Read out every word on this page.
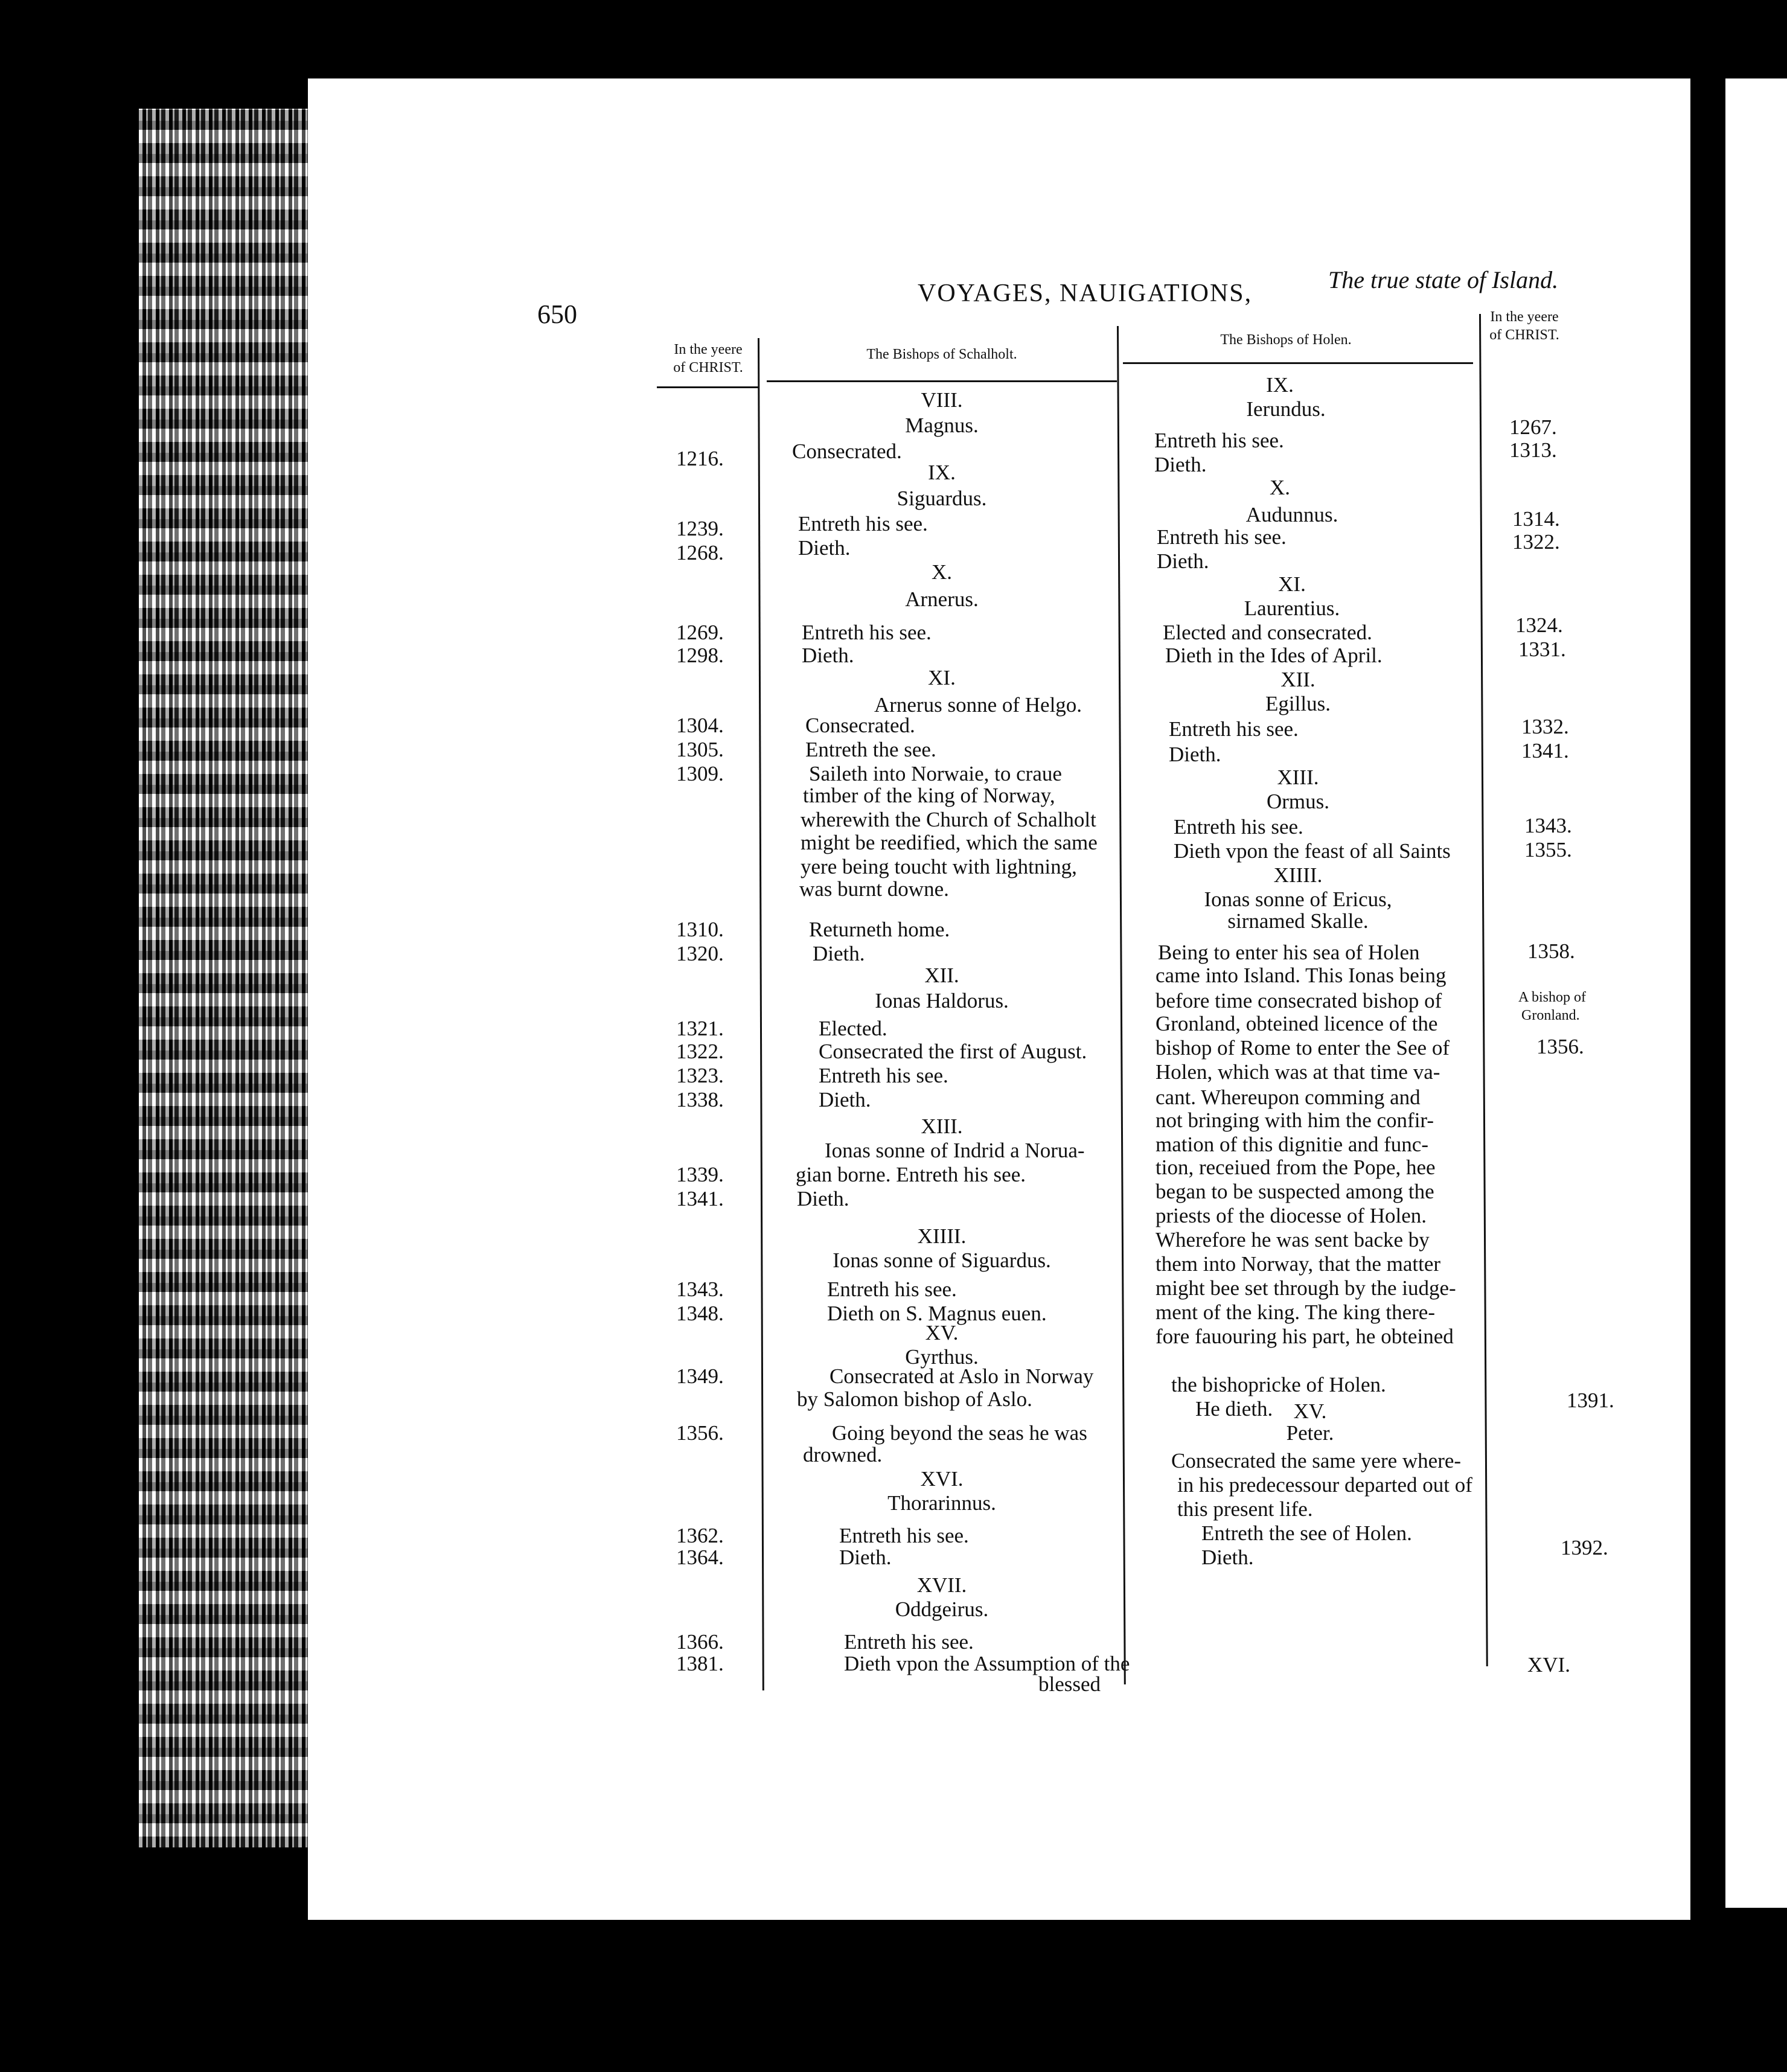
650
VOYAGES, NAUIGATIONS,	The true state of Island.
In the yeere
of CHRIST.
The Bishops of Schalholt.
The Bishops of Holen.
In the yeere
of CHRIST.
1216.
1239.
1268.
1269.
1298.
1304.
1305.
1309.
1310.
1320.
1321.
1322.
1323.
1338.
1339.
1341.
1343.
1348.
1349.
1356.
1362.
1364.
1366.
1381.
VIII.
Magnus.
Consecrated.
IX.
Siguardus.
Entreth his see.
Dieth.
X.
Arnerus.
Entreth his see.
Dieth.
XI.
Arnerus sonne of Helgo.
Consecrated.
Entreth the see.
Saileth into Norwaie, to craue
timber of the king of Norway,
wherewith the Church of Schalholt
might be reedified, which the same
yere being toucht with lightning,
was burnt downe.
Returneth home.
Dieth.
XII.
Ionas Haldorus.
Elected.
Consecrated the first of August.
Entreth his see.
Dieth.
XIII.
Ionas sonne of Indrid a Norua-
gian borne. Entreth his see.
Dieth.
XIIII.
Ionas sonne of Siguardus.
Entreth his see.
Dieth on S. Magnus euen.
XV.
Gyrthus.
Consecrated at Aslo in Norway
by Salomon bishop of Aslo.
Going beyond the seas he was
drowned.
XVI.
Thorarinnus.
Entreth his see.
Dieth.
XVII.
Oddgeirus.
Entreth his see.
Dieth vpon the Assumption of the
blessed
IX.
Ierundus.
Entreth his see.
Dieth.
X.
Audunnus.
Entreth his see.
Dieth.
XI.
Laurentius.
Elected and consecrated.
Dieth in the Ides of April.
XII.
Egillus.
Entreth his see.
Dieth.
XIII.
Ormus.
Entreth his see.
Dieth vpon the feast of all Saints
XIIII.
Ionas sonne of Ericus,
sirnamed Skalle.
Being to enter his sea of Holen
came into Island. This Ionas being
before time consecrated bishop of
Gronland, obteined licence of the
bishop of Rome to enter the See of
Holen, which was at that time va-
cant. Whereupon comming and
not bringing with him the confir-
mation of this dignitie and func-
tion, receiued from the Pope, hee
began to be suspected among the
priests of the diocesse of Holen.
Wherefore he was sent backe by
them into Norway, that the matter
might bee set through by the iudge-
ment of the king. The king there-
fore fauouring his part, he obteined
the bishopricke of Holen.
He dieth. XV.
Peter.
Consecrated the same yere where-
in his predecessour departed out of
this present life.
Entreth the see of Holen.
Dieth.
XVI.
1267.
1313.
1314.
1322.
1324.
1331.
1332.
1341.
1343.
1355.
1358.
A bishop of
Gronland.
1356.
1391.
1392.
